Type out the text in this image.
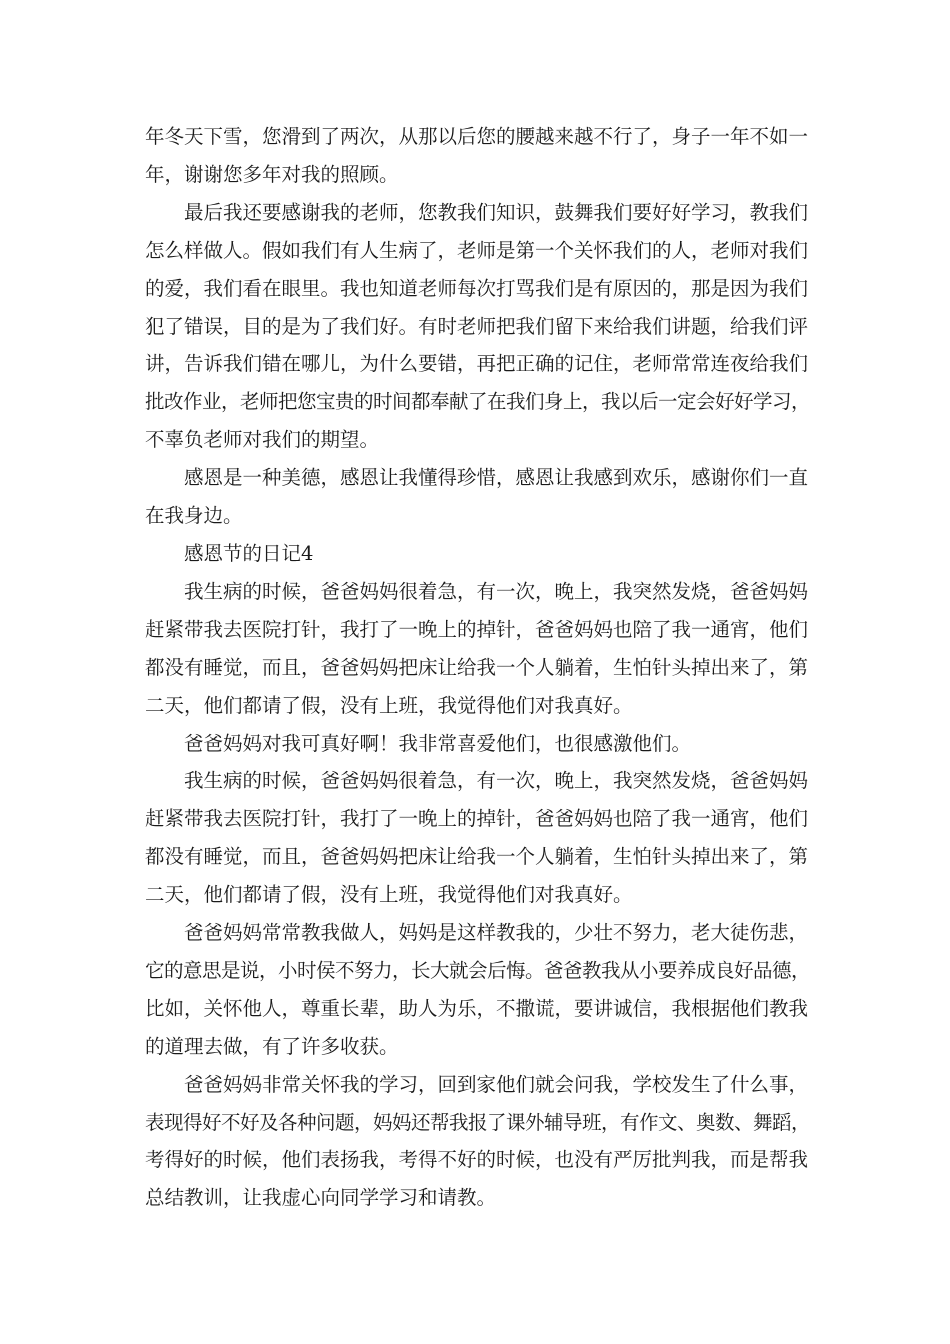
年冬天下雪，您滑到了两次，从那以后您的腰越来越不行了，身子一年不如一
年，谢谢您多年对我的照顾。

最后我还要感谢我的老师，您教我们知识，鼓舞我们要好好学习，教我们
怎么样做人。假如我们有人生病了，老师是第一个关怀我们的人，老师对我们
的爱，我们看在眼里。我也知道老师每次打骂我们是有原因的，那是因为我们
犯了错误，目的是为了我们好。有时老师把我们留下来给我们讲题，给我们评
讲，告诉我们错在哪儿，为什么要错，再把正确的记住，老师常常连夜给我们
批改作业，老师把您宝贵的时间都奉献了在我们身上，我以后一定会好好学习，
不辜负老师对我们的期望。

感恩是一种美德，感恩让我懂得珍惜，感恩让我感到欢乐，感谢你们一直
在我身边。

感恩节的日记4

我生病的时候，爸爸妈妈很着急，有一次，晚上，我突然发烧，爸爸妈妈
赶紧带我去医院打针，我打了一晚上的掉针，爸爸妈妈也陪了我一通宵，他们
都没有睡觉，而且，爸爸妈妈把床让给我一个人躺着，生怕针头掉出来了，第
二天，他们都请了假，没有上班，我觉得他们对我真好。

爸爸妈妈对我可真好啊！我非常喜爱他们，也很感激他们。

我生病的时候，爸爸妈妈很着急，有一次，晚上，我突然发烧，爸爸妈妈
赶紧带我去医院打针，我打了一晚上的掉针，爸爸妈妈也陪了我一通宵，他们
都没有睡觉，而且，爸爸妈妈把床让给我一个人躺着，生怕针头掉出来了，第
二天，他们都请了假，没有上班，我觉得他们对我真好。

爸爸妈妈常常教我做人，妈妈是这样教我的，少壮不努力，老大徒伤悲，
它的意思是说，小时侯不努力，长大就会后悔。爸爸教我从小要养成良好品德，
比如，关怀他人，尊重长辈，助人为乐，不撒谎，要讲诚信，我根据他们教我
的道理去做，有了许多收获。

爸爸妈妈非常关怀我的学习，回到家他们就会问我，学校发生了什么事，
表现得好不好及各种问题，妈妈还帮我报了课外辅导班，有作文、奥数、舞蹈，
考得好的时候，他们表扬我，考得不好的时候，也没有严厉批判我，而是帮我
总结教训，让我虚心向同学学习和请教。
